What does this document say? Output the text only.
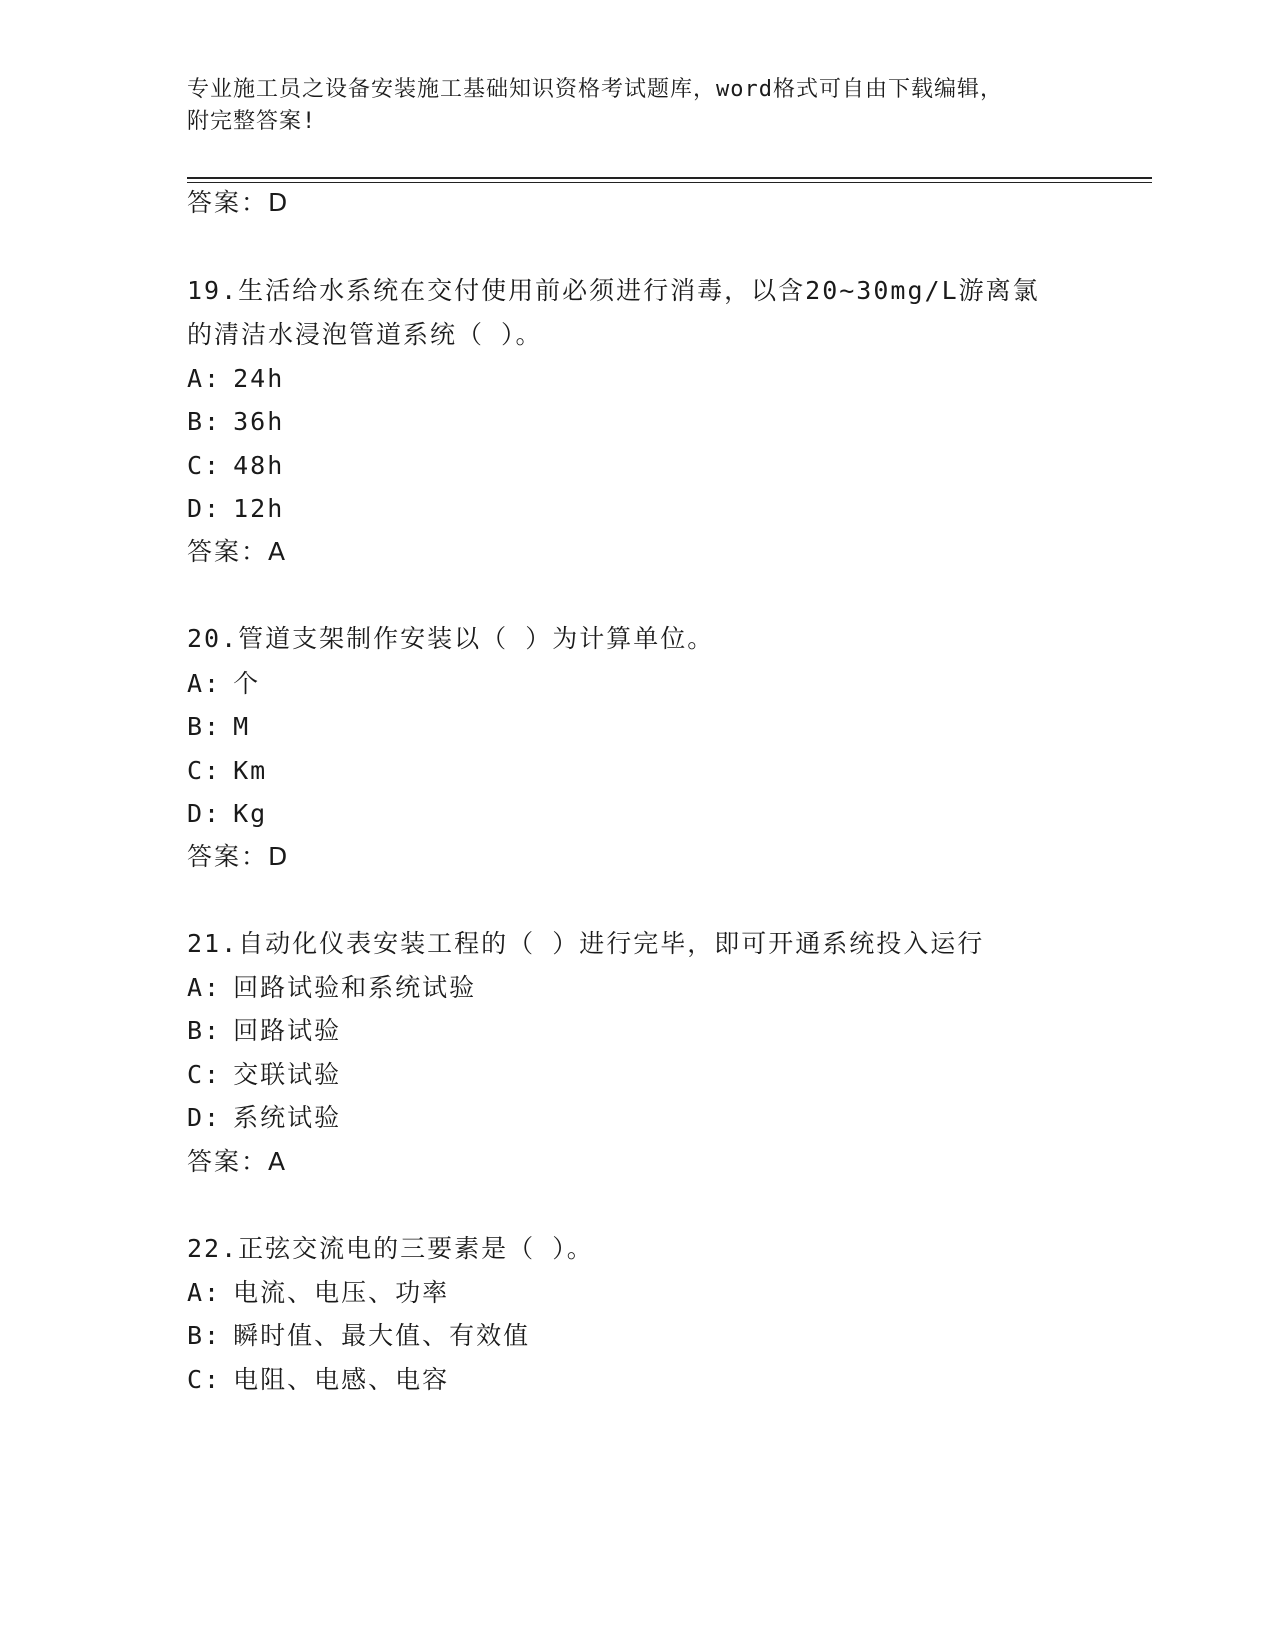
专业施工员之设备安装施工基础知识资格考试题库，word格式可自由下载编辑，
附完整答案!
答案：D
19.生活给水系统在交付使用前必须进行消毒，以含20~30mg/L游离氯
的清洁水浸泡管道系统（ ）。
A: 24h
B: 36h
C: 48h
D: 12h
答案：A
20.管道支架制作安装以（ ）为计算单位。
A: 个
B: M
C: Km
D: Kg
答案：D
21.自动化仪表安装工程的（ ）进行完毕，即可开通系统投入运行
A: 回路试验和系统试验
B: 回路试验
C: 交联试验
D: 系统试验
答案：A
22.正弦交流电的三要素是（ ）。
A: 电流、电压、功率
B: 瞬时值、最大值、有效值
C: 电阻、电感、电容
